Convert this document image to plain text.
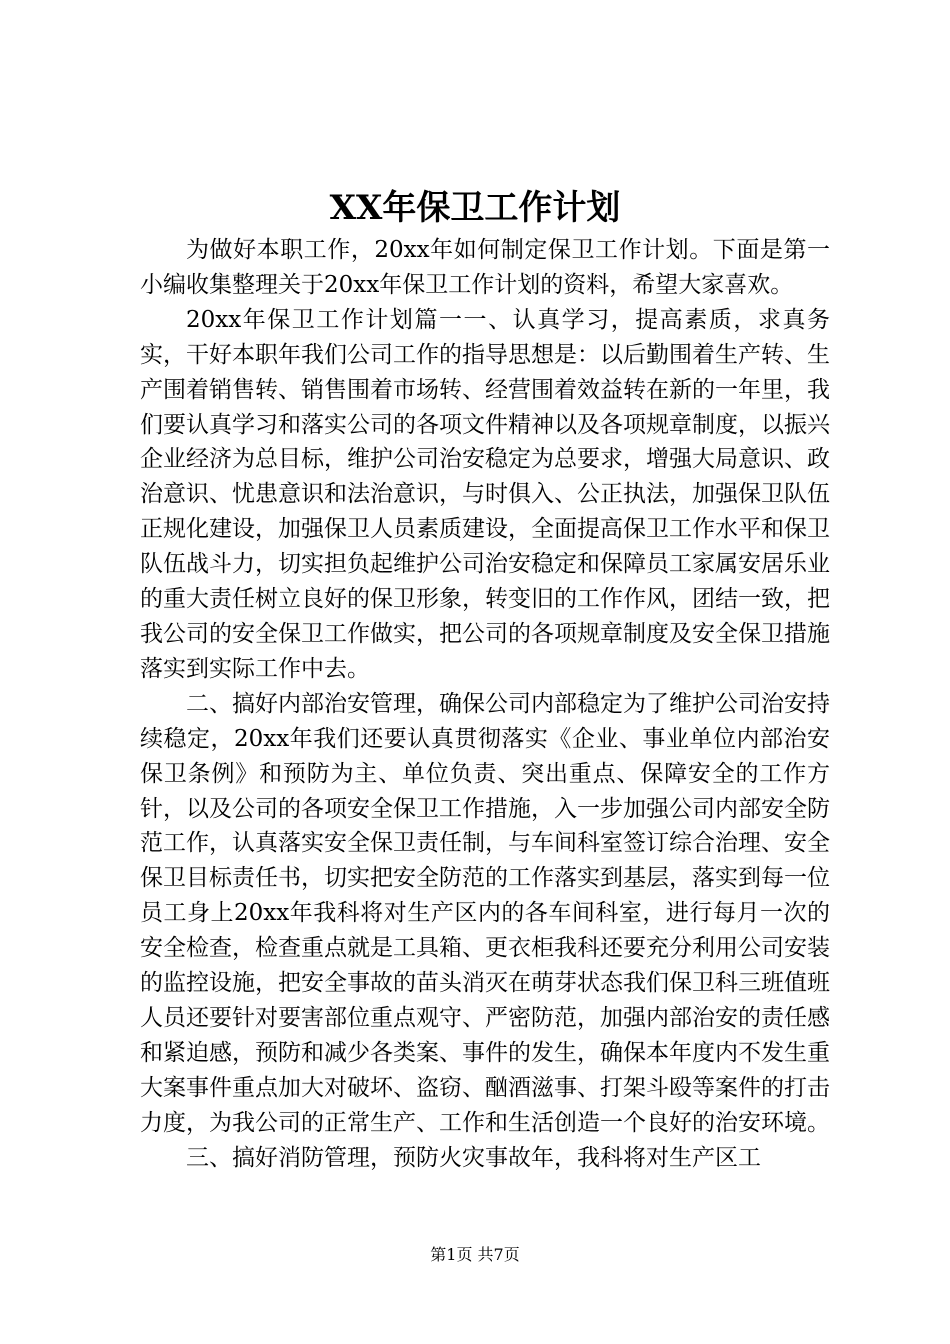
XX年保卫工作计划

为做好本职工作，20xx年如何制定保卫工作计划。下面是第一小编收集整理关于20xx年保卫工作计划的资料，希望大家喜欢。

20xx年保卫工作计划篇一一、认真学习，提高素质，求真务实，干好本职年我们公司工作的指导思想是：以后勤围着生产转、生产围着销售转、销售围着市场转、经营围着效益转在新的一年里，我们要认真学习和落实公司的各项文件精神以及各项规章制度，以振兴企业经济为总目标，维护公司治安稳定为总要求，增强大局意识、政治意识、忧患意识和法治意识，与时俱入、公正执法，加强保卫队伍正规化建设，加强保卫人员素质建设，全面提高保卫工作水平和保卫队伍战斗力，切实担负起维护公司治安稳定和保障员工家属安居乐业的重大责任树立良好的保卫形象，转变旧的工作作风，团结一致，把我公司的安全保卫工作做实，把公司的各项规章制度及安全保卫措施落实到实际工作中去。

二、搞好内部治安管理，确保公司内部稳定为了维护公司治安持续稳定，20xx年我们还要认真贯彻落实《企业、事业单位内部治安保卫条例》和预防为主、单位负责、突出重点、保障安全的工作方针，以及公司的各项安全保卫工作措施，入一步加强公司内部安全防范工作，认真落实安全保卫责任制，与车间科室签订综合治理、安全保卫目标责任书，切实把安全防范的工作落实到基层，落实到每一位员工身上20xx年我科将对生产区内的各车间科室，进行每月一次的安全检查，检查重点就是工具箱、更衣柜我科还要充分利用公司安装的监控设施，把安全事故的苗头消灭在萌芽状态我们保卫科三班值班人员还要针对要害部位重点观守、严密防范，加强内部治安的责任感和紧迫感，预防和减少各类案、事件的发生，确保本年度内不发生重大案事件重点加大对破坏、盗窃、酗酒滋事、打架斗殴等案件的打击力度，为我公司的正常生产、工作和生活创造一个良好的治安环境。

三、搞好消防管理，预防火灾事故年，我科将对生产区工

第1页 共7页
